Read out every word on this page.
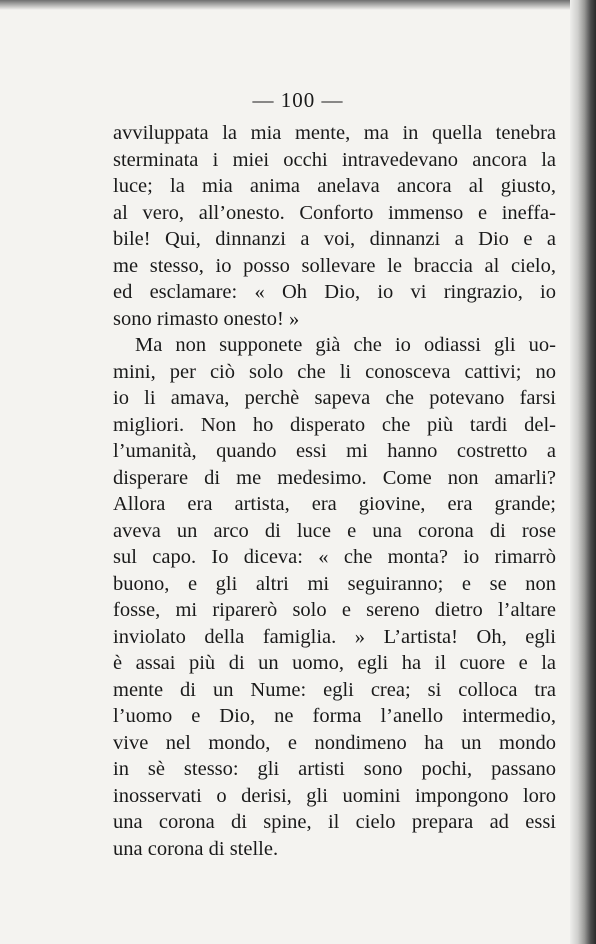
— 100 —
avviluppata la mia mente, ma in quella tenebra
sterminata i miei occhi intravedevano ancora la
luce; la mia anima anelava ancora al giusto,
al vero, all’onesto. Conforto immenso e ineffa-
bile! Qui, dinnanzi a voi, dinnanzi a Dio e a
me stesso, io posso sollevare le braccia al cielo,
ed esclamare: « Oh Dio, io vi ringrazio, io
sono rimasto onesto! »
Ma non supponete già che io odiassi gli uo-
mini, per ciò solo che li conosceva cattivi; no
io li amava, perchè sapeva che potevano farsi
migliori. Non ho disperato che più tardi del-
l’umanità, quando essi mi hanno costretto a
disperare di me medesimo. Come non amarli?
Allora era artista, era giovine, era grande;
aveva un arco di luce e una corona di rose
sul capo. Io diceva: « che monta? io rimarrò
buono, e gli altri mi seguiranno; e se non
fosse, mi riparerò solo e sereno dietro l’altare
inviolato della famiglia. » L’artista! Oh, egli
è assai più di un uomo, egli ha il cuore e la
mente di un Nume: egli crea; si colloca tra
l’uomo e Dio, ne forma l’anello intermedio,
vive nel mondo, e nondimeno ha un mondo
in sè stesso: gli artisti sono pochi, passano
inosservati o derisi, gli uomini impongono loro
una corona di spine, il cielo prepara ad essi
una corona di stelle.
